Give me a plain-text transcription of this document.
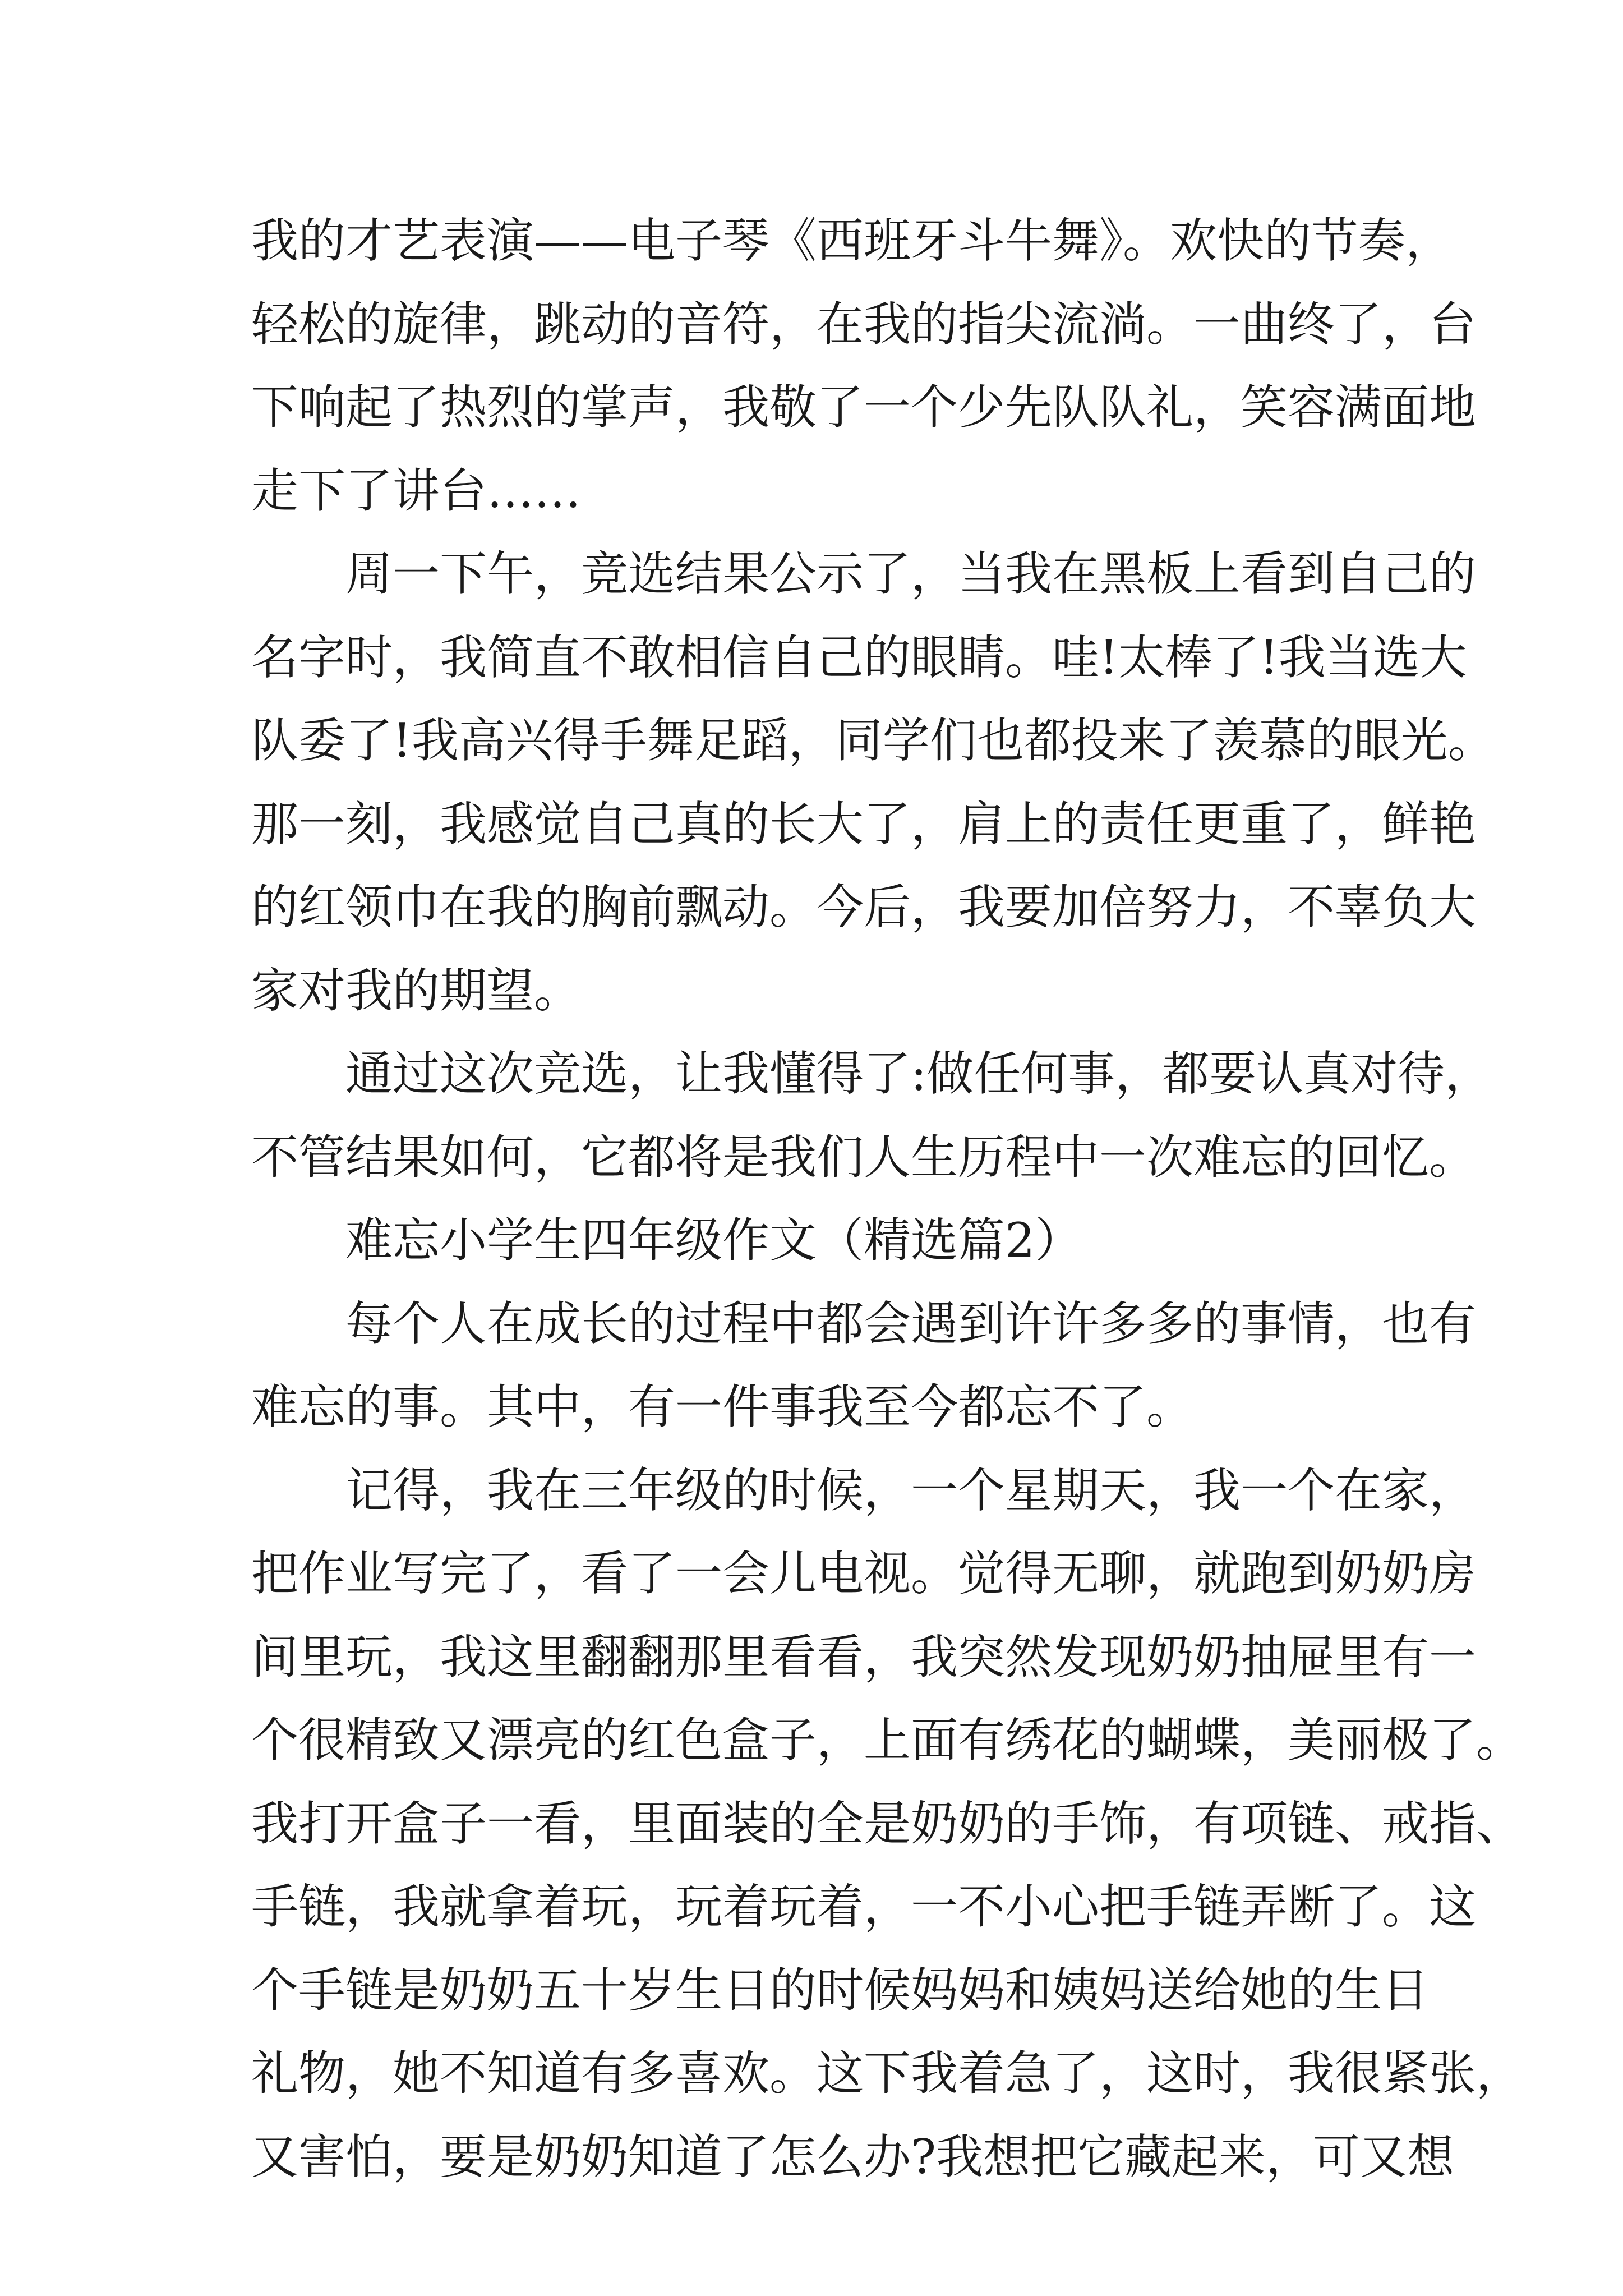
我的才艺表演——电子琴《西班牙斗牛舞》。欢快的节奏，
轻松的旋律，跳动的音符，在我的指尖流淌。一曲终了，台
下响起了热烈的掌声，我敬了一个少先队队礼，笑容满面地
走下了讲台……
周一下午，竞选结果公示了，当我在黑板上看到自己的
名字时，我简直不敢相信自己的眼睛。哇!太棒了!我当选大
队委了!我高兴得手舞足蹈，同学们也都投来了羡慕的眼光。
那一刻，我感觉自己真的长大了，肩上的责任更重了，鲜艳
的红领巾在我的胸前飘动。今后，我要加倍努力，不辜负大
家对我的期望。
通过这次竞选，让我懂得了:做任何事，都要认真对待，
不管结果如何，它都将是我们人生历程中一次难忘的回忆。
难忘小学生四年级作文（精选篇2）
每个人在成长的过程中都会遇到许许多多的事情，也有
难忘的事。其中，有一件事我至今都忘不了。
记得，我在三年级的时候，一个星期天，我一个在家，
把作业写完了，看了一会儿电视。觉得无聊，就跑到奶奶房
间里玩，我这里翻翻那里看看，我突然发现奶奶抽屉里有一
个很精致又漂亮的红色盒子，上面有绣花的蝴蝶，美丽极了。
我打开盒子一看，里面装的全是奶奶的手饰，有项链、戒指、
手链，我就拿着玩，玩着玩着，一不小心把手链弄断了。这
个手链是奶奶五十岁生日的时候妈妈和姨妈送给她的生日
礼物，她不知道有多喜欢。这下我着急了，这时，我很紧张，
又害怕，要是奶奶知道了怎么办?我想把它藏起来，可又想
